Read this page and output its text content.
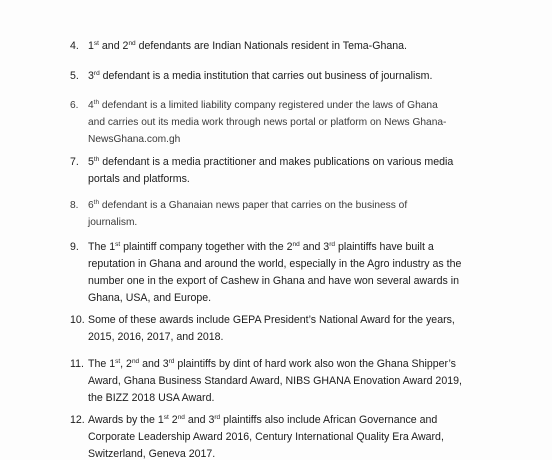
4. 1st and 2nd defendants are Indian Nationals resident in Tema-Ghana.
5. 3rd defendant is a media institution that carries out business of journalism.
6. 4th defendant is a limited liability company registered under the laws of Ghana
and carries out its media work through news portal or platform on News Ghana-
NewsGhana.com.gh
7. 5th defendant is a media practitioner and makes publications on various media
portals and platforms.
8. 6th defendant is a Ghanaian news paper that carries on the business of
journalism.
9. The 1st plaintiff company together with the 2nd and 3rd plaintiffs have built a
reputation in Ghana and around the world, especially in the Agro industry as the
number one in the export of Cashew in Ghana and have won several awards in
Ghana, USA, and Europe.
10. Some of these awards include GEPA President’s National Award for the years,
2015, 2016, 2017, and 2018.
11. The 1st, 2nd and 3rd plaintiffs by dint of hard work also won the Ghana Shipper’s
Award, Ghana Business Standard Award, NIBS GHANA Enovation Award 2019,
the BIZZ 2018 USA Award.
12. Awards by the 1st 2nd and 3rd plaintiffs also include African Governance and
Corporate Leadership Award 2016, Century International Quality Era Award,
Switzerland, Geneva 2017.
